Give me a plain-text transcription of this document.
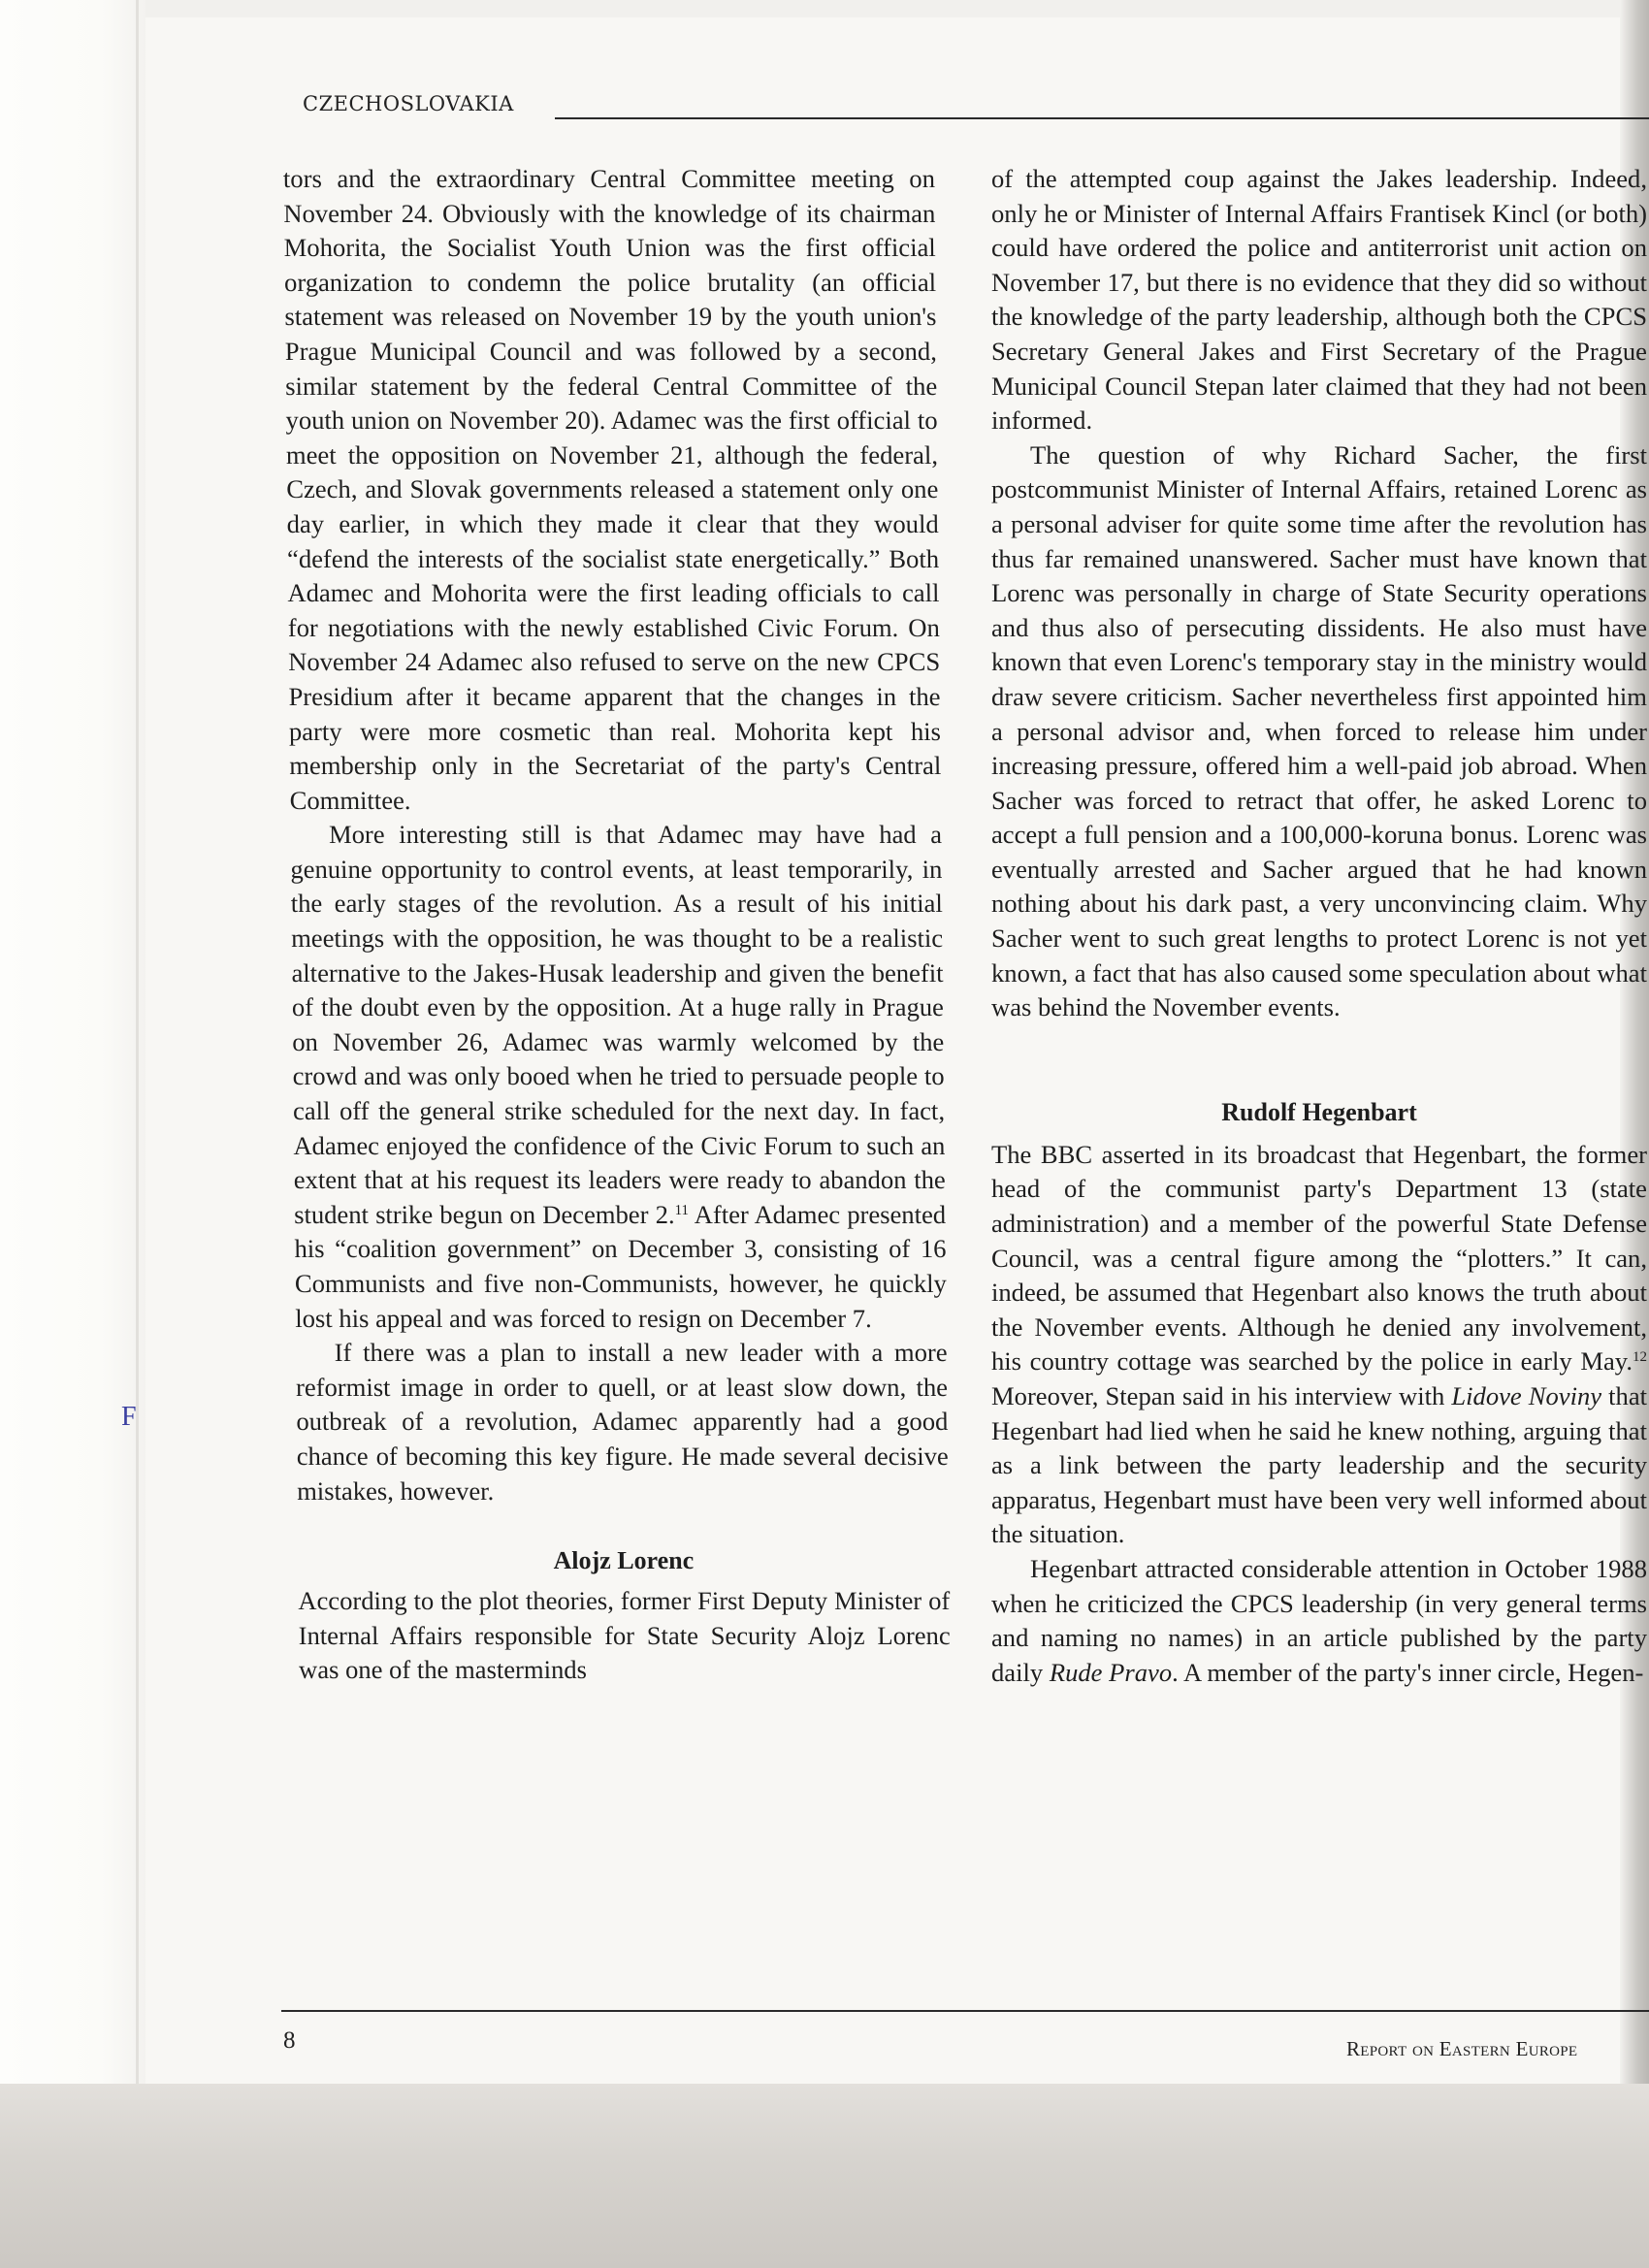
CZECHOSLOVAKIA
F

tors and the extraordinary Central Committee meeting on November 24. Obviously with the knowledge of its chairman Mohorita, the Socialist Youth Union was the first official organization to condemn the police brutality (an official statement was released on November 19 by the youth union's Prague Municipal Council and was followed by a second, similar statement by the federal Central Committee of the youth union on November 20). Adamec was the first official to meet the opposition on November 21, although the federal, Czech, and Slovak governments released a statement only one day earlier, in which they made it clear that they would “defend the interests of the socialist state energetically.” Both Adamec and Mohorita were the first leading officials to call for negotiations with the newly established Civic Forum. On November 24 Adamec also refused to serve on the new CPCS Presidium after it became apparent that the changes in the party were more cosmetic than real. Mohorita kept his membership only in the Secretariat of the party's Central Committee.

More interesting still is that Adamec may have had a genuine opportunity to control events, at least temporarily, in the early stages of the revolution. As a result of his initial meetings with the opposition, he was thought to be a realistic alternative to the Jakes-Husak leadership and given the benefit of the doubt even by the opposition. At a huge rally in Prague on November 26, Adamec was warmly welcomed by the crowd and was only booed when he tried to persuade people to call off the general strike scheduled for the next day. In fact, Adamec enjoyed the confidence of the Civic Forum to such an extent that at his request its leaders were ready to abandon the student strike begun on December 2.11 After Adamec presented his “coalition government” on December 3, consisting of 16 Communists and five non-Communists, however, he quickly lost his appeal and was forced to resign on December 7.

If there was a plan to install a new leader with a more reformist image in order to quell, or at least slow down, the outbreak of a revolution, Adamec apparently had a good chance of becoming this key figure. He made several decisive mistakes, however.

Alojz Lorenc

According to the plot theories, former First Deputy Minister of Internal Affairs responsible for State Security Alojz Lorenc was one of the masterminds

of the attempted coup against the Jakes leadership. Indeed, only he or Minister of Internal Affairs Frantisek Kincl (or both) could have ordered the police and antiterrorist unit action on November 17, but there is no evidence that they did so without the knowledge of the party leadership, although both the CPCS Secretary General Jakes and First Secretary of the Prague Municipal Council Stepan later claimed that they had not been informed.

The question of why Richard Sacher, the first postcommunist Minister of Internal Affairs, retained Lorenc as a personal adviser for quite some time after the revolution has thus far remained unanswered. Sacher must have known that Lorenc was personally in charge of State Security operations and thus also of persecuting dissidents. He also must have known that even Lorenc's temporary stay in the ministry would draw severe criticism. Sacher nevertheless first appointed him a personal advisor and, when forced to release him under increasing pressure, offered him a well-paid job abroad. When Sacher was forced to retract that offer, he asked Lorenc to accept a full pension and a 100,000-koruna bonus. Lorenc was eventually arrested and Sacher argued that he had known nothing about his dark past, a very unconvincing claim. Why Sacher went to such great lengths to protect Lorenc is not yet known, a fact that has also caused some speculation about what was behind the November events.

Rudolf Hegenbart

The BBC asserted in its broadcast that Hegenbart, the former head of the communist party's Department 13 (state administration) and a member of the powerful State Defense Council, was a central figure among the “plotters.” It can, indeed, be assumed that Hegenbart also knows the truth about the November events. Although he denied any involvement, his country cottage was searched by the police in early May.$^{12}$ Moreover, Stepan said in his interview with Lidove Noviny that Hegenbart had lied when he said he knew nothing, arguing that as a link between the party leadership and the security apparatus, Hegenbart must have been very well informed about the situation.

Hegenbart attracted considerable attention in October 1988 when he criticized the CPCS leadership (in very general terms and naming no names) in an article published by the party daily Rude Pravo. A member of the party's inner circle, Hegen-

8	Report on Eastern Europe
